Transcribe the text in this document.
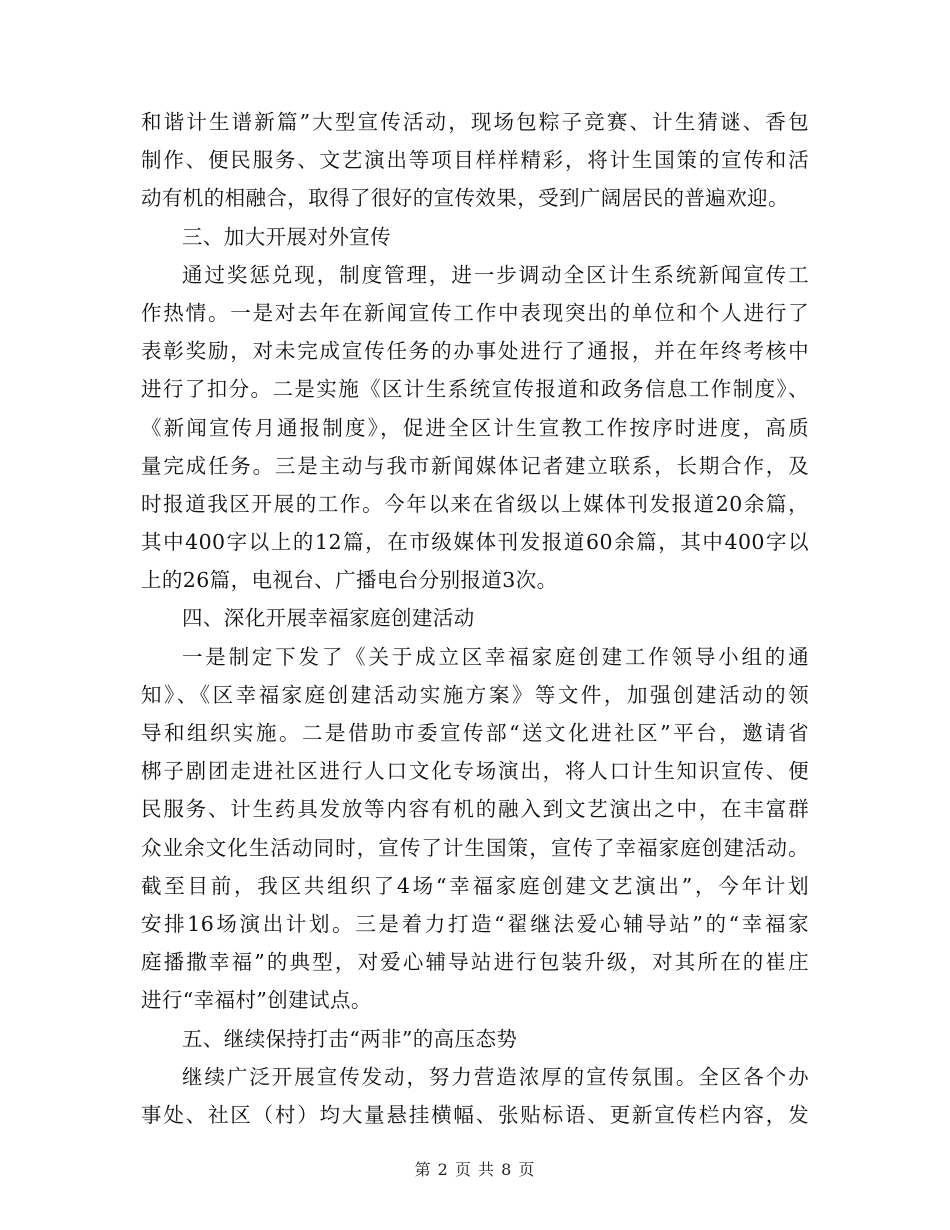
和谐计生谱新篇”大型宣传活动，现场包粽子竞赛、计生猜谜、香包
制作、便民服务、文艺演出等项目样样精彩，将计生国策的宣传和活
动有机的相融合，取得了很好的宣传效果，受到广阔居民的普遍欢迎。
三、加大开展对外宣传
通过奖惩兑现，制度管理，进一步调动全区计生系统新闻宣传工
作热情。一是对去年在新闻宣传工作中表现突出的单位和个人进行了
表彰奖励，对未完成宣传任务的办事处进行了通报，并在年终考核中
进行了扣分。二是实施《区计生系统宣传报道和政务信息工作制度》、
《新闻宣传月通报制度》，促进全区计生宣教工作按序时进度，高质
量完成任务。三是主动与我市新闻媒体记者建立联系，长期合作，及
时报道我区开展的工作。今年以来在省级以上媒体刊发报道20余篇，
其中400字以上的12篇，在市级媒体刊发报道60余篇，其中400字以
上的26篇，电视台、广播电台分别报道3次。
四、深化开展幸福家庭创建活动
一是制定下发了《关于成立区幸福家庭创建工作领导小组的通
知》、《区幸福家庭创建活动实施方案》等文件，加强创建活动的领
导和组织实施。二是借助市委宣传部“送文化进社区”平台，邀请省
梆子剧团走进社区进行人口文化专场演出，将人口计生知识宣传、便
民服务、计生药具发放等内容有机的融入到文艺演出之中，在丰富群
众业余文化生活动同时，宣传了计生国策，宣传了幸福家庭创建活动。
截至目前，我区共组织了4场“幸福家庭创建文艺演出”，今年计划
安排16场演出计划。三是着力打造“翟继法爱心辅导站”的“幸福家
庭播撒幸福”的典型，对爱心辅导站进行包装升级，对其所在的崔庄
进行“幸福村”创建试点。
五、继续保持打击“两非”的高压态势
继续广泛开展宣传发动，努力营造浓厚的宣传氛围。全区各个办
事处、社区（村）均大量悬挂横幅、张贴标语、更新宣传栏内容，发
第 2 页 共 8 页
